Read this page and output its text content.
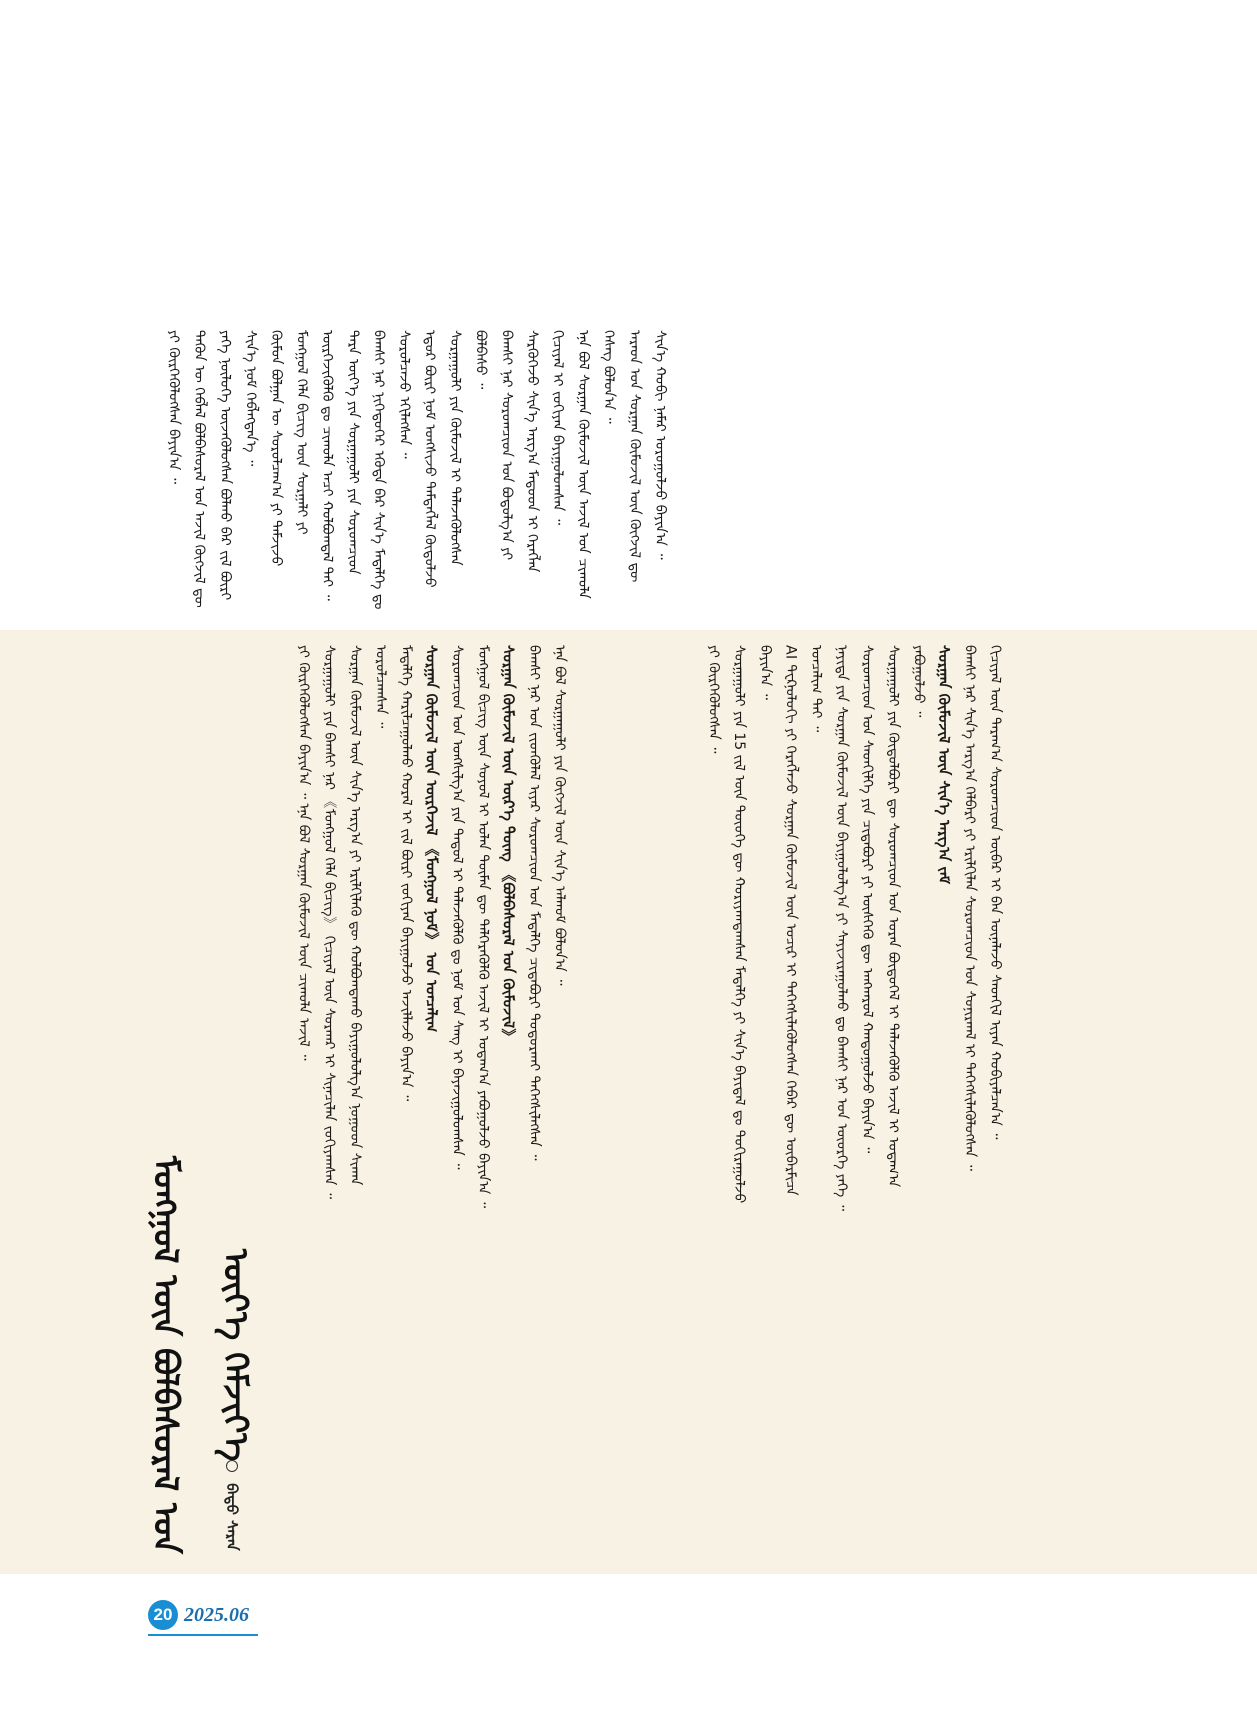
ᠶᠢ ᠬᠦᠷᠭᠡᠭᠦᠯᠦᠭᠰᠡᠨ ᠪᠠᠶᠢᠨ᠎ᠠ ᠃ ᠲᠡᠭᠦᠨ ᠦ ᠬᠡᠪᠯᠡᠯ ᠪᠣᠯᠪᠠᠰᠤᠷᠠᠯ ᠤᠨ ᠠᠵᠢᠯ ᠬᠥᠭᠵᠢᠯ ᠳᠦ ᠶᠡᠬᠡ ᠨᠥᠯᠦᠭᠡ ᠦᠵᠡᠭᠦᠯᠦᠭᠰᠡᠨ ᠪᠣᠯᠬᠣ ᠪᠠᠷ ᠵᠢᠯ ᠪᠦᠷᠢ ᠰᠢᠨ᠎ᠡ ᠨᠣᠮ ᠬᠡᠪᠯᠡᠭᠳᠡᠨ᠎ᠡ ᠃ ᠬᠥᠮᠦᠨ ᠪᠣᠯᠭᠠᠨ ᠦ ᠰᠤᠷᠤᠯᠴᠠᠭ᠎ᠠ ᠶᠢ ᠳᠡᠮᠵᠢᠵᠦ ᠮᠣᠩᠭᠣᠯ ᠬᠡᠯᠡ ᠪᠢᠴᠢᠭ ᠦᠨ ᠰᠤᠷᠭᠠᠯᠢ ᠶᠢ ᠥᠷᠭᠡᠵᠢᠭᠦᠯᠬᠦ ᠳᠤ ᠴᠢᠬᠤᠯᠠ ᠠᠴᠢ ᠬᠣᠯᠪᠣᠭᠳᠠᠯ ᠲᠠᠢ ᠃ ᠲᠡᠷᠡ ᠦᠶ᠎ᠡ ᠶᠢᠨ ᠰᠤᠷᠭᠠᠭᠤᠯᠢ ᠶᠢᠨ ᠰᠤᠷᠤᠭᠴᠢᠳ ᠪᠠᠭᠰᠢ ᠨᠠᠷ ᠨᠢᠭᠡᠳᠦᠭᠡᠷ ᠡᠭᠦᠳᠡ ᠪᠡᠷ ᠰᠢᠨ᠎ᠡ ᠮᠡᠳᠡᠯᠭᠡ ᠳᠤ ᠰᠤᠷᠤᠯᠴᠠᠵᠤ ᠡᠬᠢᠯᠡᠭᠰᠡᠨ ᠃ ᠡᠳᠦᠷ ᠪᠦᠷᠢ ᠨᠣᠮ ᠤᠩᠰᠢᠵᠤ ᠲᠡᠮᠳᠡᠭᠯᠡᠯ ᠬᠦᠲᠦᠯᠵᠦ ᠰᠤᠷᠭᠠᠭᠤᠯᠢ ᠶᠢᠨ ᠬᠦᠮᠦᠵᠢᠯ ᠢ ᠲᠡᠯᠡᠵᠡᠭᠦᠯᠦᠭᠰᠡᠨ ᠪᠣᠯᠪᠠᠰᠤ ᠃ ᠪᠠᠭᠰᠢ ᠨᠠᠷ ᠰᠤᠷᠤᠭᠴᠢᠳ ᠤᠨ ᠪᠣᠳᠣᠯᠭ᠎ᠠ ᠶᠢ ᠰᠡᠷᠭᠦᠭᠡᠵᠦ ᠰᠢᠨ᠎ᠡ ᠠᠷᠭ᠎ᠠ ᠮᠡᠲᠦᠳ ᠢ ᠬᠡᠷᠡᠭᠯᠡᠨ ᠬᠢᠴᠢᠶᠡᠯ ᠢ ᠵᠣᠬᠢᠶᠠᠨ ᠪᠠᠶᠢᠭᠤᠯᠤᠭᠰᠠᠨ ᠃ ᠡᠨᠡ ᠪᠣᠯ ᠰᠤᠷᠭᠠᠨ ᠬᠦᠮᠦᠵᠢᠯ ᠦᠨ ᠠᠵᠢᠯ ᠤᠨ ᠴᠢᠬᠤᠯᠠ ᠬᠡᠰᠡᠭ ᠪᠣᠯᠤᠨ᠎ᠠ ᠃ ᠠᠷᠠᠳ ᠤᠨ ᠰᠤᠷᠭᠠᠨ ᠬᠦᠮᠦᠵᠢᠯ ᠦᠨ ᠬᠥᠭᠵᠢᠯ ᠳᠦ ᠰᠢᠨ᠎ᠡ ᠬᠤᠪᠢ ᠨᠡᠮᠡᠷ ᠣᠷᠣᠭᠤᠯᠵᠤ ᠪᠠᠶᠢᠨ᠎ᠠ ᠃

ᠶᠢ ᠬᠦᠷᠭᠡᠭᠦᠯᠦᠭᠰᠡᠨ ᠪᠠᠶᠢᠨ᠎ᠠ ᠃ ᠡᠨᠡ ᠪᠣᠯ ᠰᠤᠷᠭᠠᠨ ᠬᠦᠮᠦᠵᠢᠯ ᠦᠨ ᠴᠢᠬᠤᠯᠠ ᠠᠵᠢᠯ ᠃ ᠰᠤᠷᠭᠠᠭᠤᠯᠢ ᠶᠢᠨ ᠪᠠᠭᠰᠢ ᠨᠠᠷ 《ᠮᠣᠩᠭᠣᠯ ᠬᠡᠯᠡ ᠪᠢᠴᠢᠭ》 ᠬᠢᠴᠢᠶᠡᠯ ᠦᠨ ᠰᠤᠷᠬᠠᠷ ᠢ ᠰᠢᠨᠡᠴᠢᠯᠡᠨ ᠵᠣᠬᠢᠶᠠᠭᠰᠠᠨ ᠃ ᠰᠤᠷᠭᠠᠨ ᠬᠦᠮᠦᠵᠢᠯ ᠦᠨ ᠰᠢᠨ᠎ᠡ ᠠᠷᠭ᠎ᠠ ᠶᠢ ᠡᠷᠢᠯᠬᠢᠯᠡᠬᠦ ᠳᠦ ᠬᠣᠯᠪᠣᠭᠳᠠᠬᠤ ᠪᠠᠶᠢᠭᠤᠯᠤᠯᠭ᠎ᠠ ᠨᠤᠭᠤᠳ ᠰᠢᠬᠠᠨ ᠣᠷᠣᠯᠴᠠᠭᠰᠠᠨ ᠃ ᠮᠡᠳᠡᠯᠭᠡ ᠬᠠᠷᠢᠯᠴᠠᠭᠤᠯᠬᠤ ᠬᠤᠷᠠᠯ ᠢ ᠵᠢᠯ ᠪᠦᠷᠢ ᠵᠣᠬᠢᠶᠠᠨ ᠪᠠᠶᠢᠭᠤᠯᠵᠤ ᠠᠵᠢᠯᠯᠠᠵᠤ ᠪᠠᠶᠢᠨ᠎ᠠ ᠃ ᠰᠤᠷᠭᠠᠨ ᠬᠦᠮᠦᠵᠢᠯ ᠦᠨ ᠥᠷᠭᠡᠵᠢᠯ 《ᠮᠣᠩᠭᠣᠯ ᠨᠣᠮ》 ᠤᠨ ᠣᠨᠴᠠᠯᠢᠭ ᠰᠤᠷᠤᠭᠴᠢᠳ ᠤᠨ ᠤᠩᠰᠢᠯᠭ᠎ᠠ ᠶᠢᠨ ᠳᠠᠳᠤᠯ ᠢ ᠲᠡᠯᠡᠵᠡᠭᠦᠯᠬᠦ ᠳᠤ ᠨᠣᠮ ᠤᠨ ᠰᠠᠩ ᠢ ᠪᠠᠶᠠᠵᠢᠭᠤᠯᠤᠭᠰᠠᠨ ᠃ ᠮᠣᠩᠭᠣᠯ ᠪᠢᠴᠢᠭ ᠦᠨ ᠰᠣᠶᠣᠯ ᠢ ᠣᠯᠠᠨ ᠲᠦᠮᠡᠨ ᠳᠦ ᠳᠡᠯᠭᠡᠷᠡᠭᠦᠯᠬᠦ ᠠᠵᠢᠯ ᠢ ᠤᠳᠠᠭ᠎ᠠ ᠶᠠᠪᠤᠭᠤᠯᠵᠤ ᠪᠠᠶᠢᠨ᠎ᠠ ᠃ ᠰᠤᠷᠭᠠᠨ ᠬᠦᠮᠦᠵᠢᠯ ᠦᠨ ᠦᠷ᠎ᠡ ᠳᠦᠩ 《ᠪᠣᠯᠪᠠᠰᠤᠷᠠᠯ ᠤᠨ ᠬᠦᠮᠦᠵᠢᠯ》 ᠪᠠᠭᠰᠢ ᠨᠠᠷ ᠤᠨ ᠵᠢᠳᠬᠦᠯᠡᠯ ᠢᠶᠡᠷ ᠰᠤᠷᠤᠭᠴᠢᠳ ᠤᠨ ᠮᠡᠳᠡᠯᠭᠡ ᠴᠢᠳᠠᠪᠤᠷᠢ ᠲᠣᠳᠤᠷᠬᠠᠢ ᠳᠡᠭᠡᠭᠰᠢᠯᠡᠭᠰᠡᠨ ᠃ ᠡᠨᠡ ᠪᠣᠯ ᠰᠤᠷᠭᠠᠭᠤᠯᠢ ᠶᠢᠨ ᠬᠥᠭᠵᠢᠯ ᠦᠨ ᠰᠢᠨ᠎ᠡ ᠠᠯᠬᠤᠮ ᠪᠣᠯᠤᠨ᠎ᠠ ᠃	ᠶᠢ ᠬᠦᠷᠭᠡᠭᠦᠯᠦᠭᠰᠡᠨ ᠃ ᠰᠤᠷᠭᠠᠭᠤᠯᠢ ᠶᠢᠨ 15 ᠵᠢᠯ ᠦᠨ ᠲᠦᠦᠬᠡ ᠳᠦ ᠬᠣᠷᠢᠶᠠᠭᠳᠠᠭᠰᠠᠨ ᠮᠡᠳᠡᠯᠭᠡ ᠶᠢ ᠰᠢᠨ᠎ᠡ ᠪᠠᠶᠢᠳᠠᠯ ᠳᠤ ᠲᠣᠬᠢᠷᠠᠭᠤᠯᠵᠤ ᠪᠠᠶᠢᠨ᠎ᠠ ᠃ AI ᠲᠧᠺᠨᠣᠯᠣᠭᠢ ᠶᠢ ᠬᠡᠷᠡᠭᠯᠡᠵᠦ ᠰᠤᠷᠭᠠᠨ ᠬᠦᠮᠦᠵᠢᠯ ᠦᠨ ᠤᠴᠢᠷ ᠢ ᠳᠡᠭᠡᠭᠰᠢᠯᠡᠭᠦᠯᠦᠭᠰᠡᠨ ᠬᠡᠪᠡᠷ ᠳᠦ ᠥᠪᠡᠷᠮᠢᠴᠡ ᠣᠨᠴᠠᠯᠢᠭ ᠲᠠᠢ ᠃ ᠨᠡᠶᠢᠲᠡ ᠶᠢᠨ ᠰᠤᠷᠭᠠᠨ ᠬᠦᠮᠦᠵᠢᠯ ᠦᠨ ᠪᠠᠶᠢᠭᠤᠯᠤᠯᠭ᠎ᠠ ᠶᠢ ᠰᠠᠶᠢᠵᠢᠷᠠᠭᠤᠯᠬᠤ ᠳᠤ ᠪᠠᠭᠰᠢ ᠨᠠᠷ ᠤᠨ ᠦᠦᠷᠭᠡ ᠶᠡᠬᠡ ᠃ ᠰᠤᠷᠤᠭᠴᠢᠳ ᠤᠨ ᠰᠡᠳᠬᠢᠯᠭᠡ ᠶᠢᠨ ᠴᠢᠳᠠᠪᠤᠷᠢ ᠶᠢ ᠥᠰᠭᠡᠬᠦ ᠳᠦ ᠠᠩᠬᠠᠷᠤᠯ ᠬᠠᠨᠳᠤᠭᠤᠯᠵᠤ ᠪᠠᠶᠢᠨ᠎ᠠ ᠃ ᠰᠤᠷᠭᠠᠭᠤᠯᠢ ᠶᠢᠨ ᠬᠥᠲᠦᠯᠪᠦᠷᠢ ᠳᠦ ᠰᠤᠷᠤᠭᠴᠢᠳ ᠤᠨ ᠤᠷᠠᠨ ᠪᠦᠲᠦᠭᠡᠯ ᠢ ᠲᠡᠯᠡᠵᠡᠭᠦᠯᠬᠦ ᠠᠵᠢᠯ ᠢ ᠤᠳᠠᠭ᠎ᠠ ᠶᠠᠪᠤᠭᠤᠯᠵᠤ ᠃ ᠰᠤᠷᠭᠠᠨ ᠬᠦᠮᠦᠵᠢᠯ ᠦᠨ ᠰᠢᠨ᠎ᠡ ᠠᠷᠭ᠎ᠠ ᠵᠠᠮ ᠪᠠᠭᠰᠢ ᠨᠠᠷ ᠰᠢᠨ᠎ᠡ ᠠᠷᠭ᠎ᠠ ᠬᠡᠯᠪᠡᠷᠢ ᠶᠢ ᠡᠷᠢᠯᠬᠢᠯᠡᠨ ᠰᠤᠷᠤᠭᠴᠢᠳ ᠤᠨ ᠰᠣᠨᠢᠷᠬᠠᠯ ᠢ ᠳᠡᠭᠡᠭᠰᠢᠯᠡᠭᠦᠯᠦᠭᠰᠡᠨ ᠃ ᠬᠢᠴᠢᠶᠡᠯ ᠦᠨ ᠳᠠᠷᠠᠭ᠎ᠠ ᠰᠤᠷᠤᠭᠴᠢᠳ ᠥᠪᠡᠷ ᠢ ᠪᠡᠨ ᠦᠨᠡᠯᠡᠵᠦ ᠰᠡᠳᠬᠢᠯ ᠢᠶᠡᠨ ᠬᠤᠪᠢᠶᠠᠯᠴᠠᠨ᠎ᠠ ᠃

ᠮᠣᠩᠭᠣᠯ ᠦᠨ ᠪᠣᠯᠪᠠᠰᠤᠷᠠᠯ ᠤᠨ ᠦᠶ᠎ᠡ ᠬᠡᠮᠵᠢᠶ᠎ᠡ
ᠪᠠᠲᠤ ᠰᠠᠷᠠᠨ
20 2025.06
